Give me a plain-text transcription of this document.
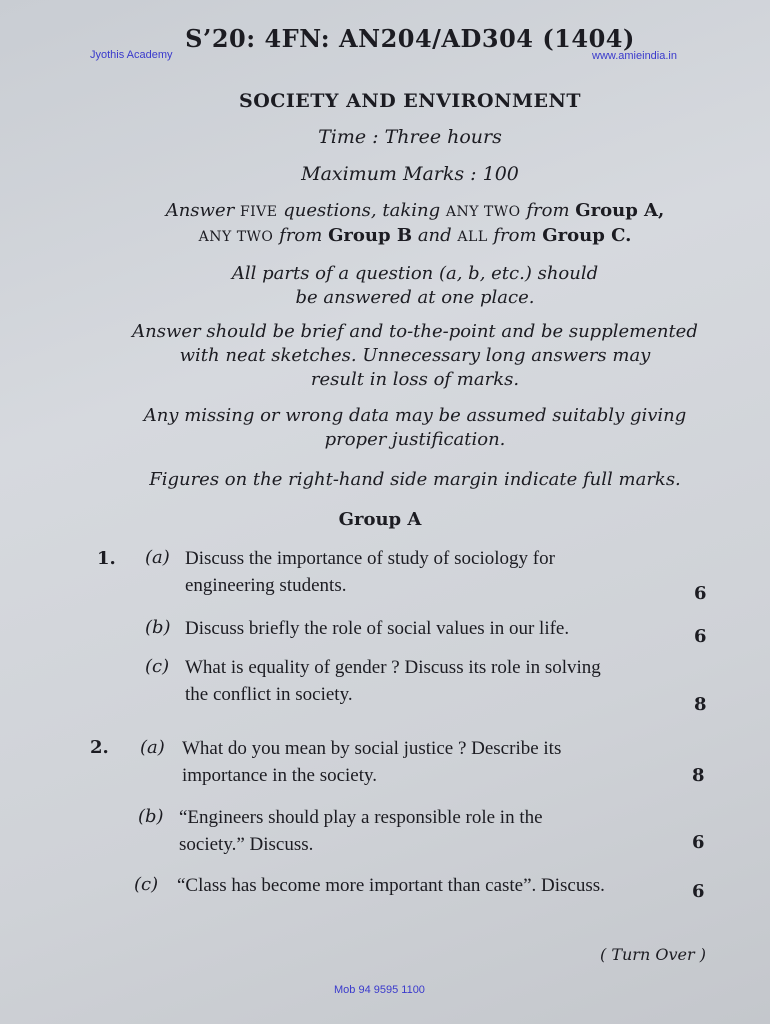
Jyothis Academy	www.amieindia.in
S’20: 4FN: AN204/AD304 (1404)
SOCIETY AND ENVIRONMENT
Time : Three hours
Maximum Marks : 100
Answer FIVE questions, taking ANY TWO from Group A,
ANY TWO from Group B and ALL from Group C.
All parts of a question (a, b, etc.) should
be answered at one place.
Answer should be brief and to-the-point and be supplemented
with neat sketches. Unnecessary long answers may
result in loss of marks.
Any missing or wrong data may be assumed suitably giving
proper justification.
Figures on the right-hand side margin indicate full marks.
Group A
1. (a) Discuss the importance of study of sociology for
engineering students.	6
(b) Discuss briefly the role of social values in our life.	6
(c) What is equality of gender ? Discuss its role in solving
the conflict in society.	8
2. (a) What do you mean by social justice ? Describe its
importance in the society.	8
(b) “Engineers should play a responsible role in the
society.” Discuss.	6
(c) “Class has become more important than caste”. Discuss.	6
( Turn Over )
Mob 94 9595 1100
